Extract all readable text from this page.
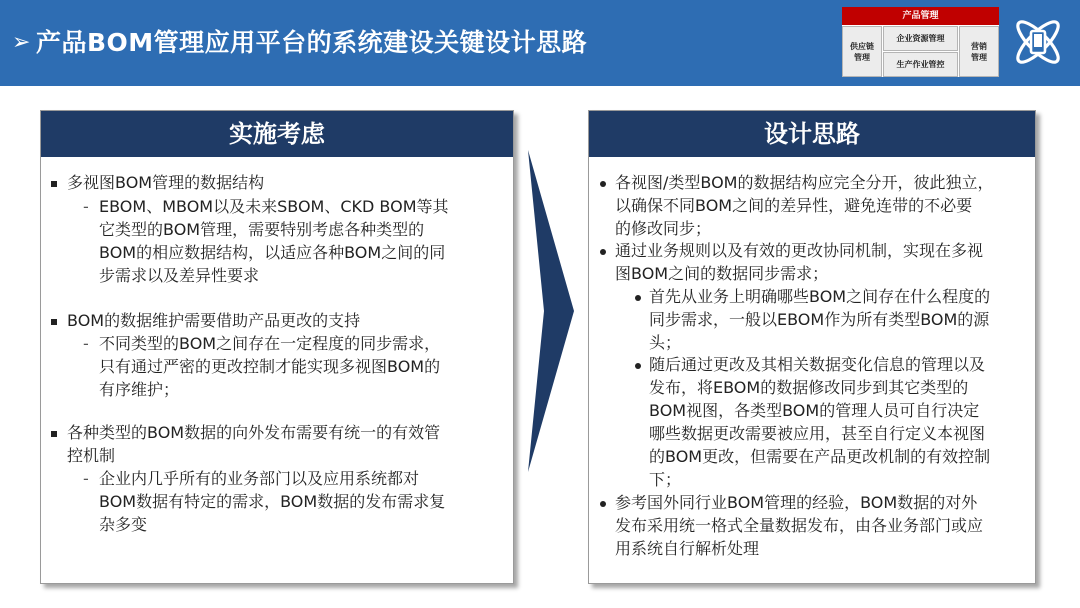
➢ 产品BOM管理应用平台的系统建设关键设计思路
产品管理
供应链管理
企业资源管理
生产作业管控
营销管理
实施考虑
多视图BOM管理的数据结构
- EBOM、MBOM以及未来SBOM、CKD BOM等其
它类型的BOM管理，需要特别考虑各种类型的
BOM的相应数据结构，以适应各种BOM之间的同
步需求以及差异性要求
BOM的数据维护需要借助产品更改的支持
- 不同类型的BOM之间存在一定程度的同步需求，
只有通过严密的更改控制才能实现多视图BOM的
有序维护；
各种类型的BOM数据的向外发布需要有统一的有效管
控机制
- 企业内几乎所有的业务部门以及应用系统都对
BOM数据有特定的需求，BOM数据的发布需求复
杂多变
设计思路
各视图/类型BOM的数据结构应完全分开，彼此独立，
以确保不同BOM之间的差异性，避免连带的不必要
的修改同步；
通过业务规则以及有效的更改协同机制，实现在多视
图BOM之间的数据同步需求；
首先从业务上明确哪些BOM之间存在什么程度的
同步需求，一般以EBOM作为所有类型BOM的源
头；
随后通过更改及其相关数据变化信息的管理以及
发布，将EBOM的数据修改同步到其它类型的
BOM视图，各类型BOM的管理人员可自行决定
哪些数据更改需要被应用，甚至自行定义本视图
的BOM更改，但需要在产品更改机制的有效控制
下；
参考国外同行业BOM管理的经验，BOM数据的对外
发布采用统一格式全量数据发布，由各业务部门或应
用系统自行解析处理
